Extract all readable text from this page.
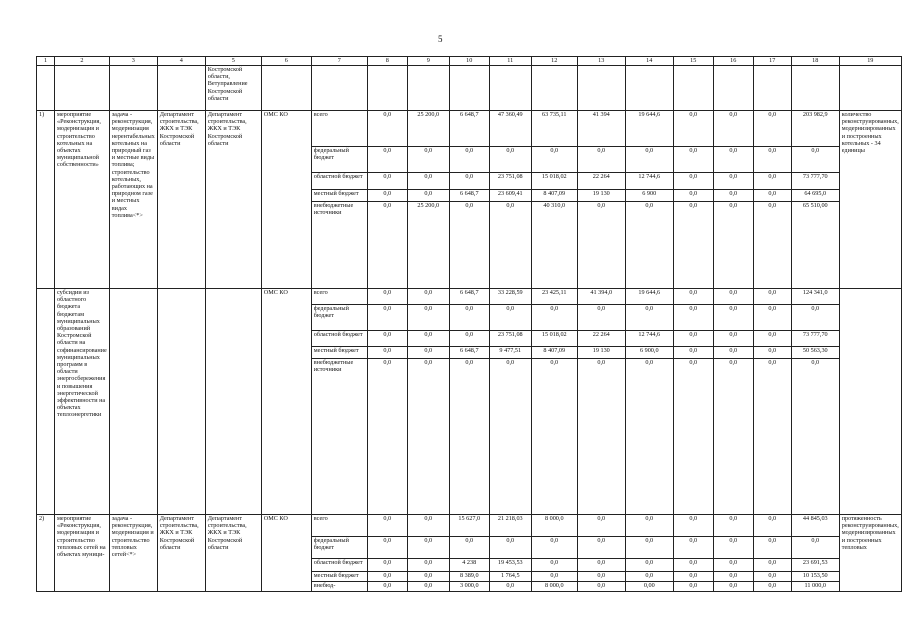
5
1	2	3	4	5	6	7	8	9	10	11	12	13	14	15	16	17	18	19
				Костромской области, Ветуправление Костромской области														
1)	мероприятие «Реконструкция, модернизация и строительство котельных на объектах муниципальной собственности»	задача - реконструкция, модернизация нерентабельных котельных на природный газ и местные виды топлива; строительство котельных, работающих на природном газе и местных видах топлива<*>	Департамент строительства, ЖКХ и ТЭК Костромской области	Департамент строительства, ЖКХ и ТЭК Костромской области	ОМС КО	всего	0,0	25 200,0	6 648,7	47 360,49	63 735,11	41 394	19 644,6	0,0	0,0	0,0	203 982,9	количество реконструированных, модернизированных и построенных котельных - 34 единицы
						федеральный бюджет	0,0	0,0	0,0	0,0	0,0	0,0	0,0	0,0	0,0	0,0	0,0	
						областной бюджет	0,0	0,0	0,0	23 751,08	15 018,02	22 264	12 744,6	0,0	0,0	0,0	73 777,70	
						местный бюджет	0,0	0,0	6 648,7	23 609,41	8 407,09	19 130	6 900	0,0	0,0	0,0	64 695,0	
						внебюджетные источники	0,0	25 200,0	0,0	0,0	40 310,0	0,0	0,0	0,0	0,0	0,0	65 510,00	
	субсидии из областного бюджета бюджетам муниципальных образований Костромской области на софинансирование муниципальных программ в области энергосбережения и повышения энергетической эффективности на объектах теплоэнергетики				ОМС КО	всего	0,0	0,0	6 648,7	33 228,59	23 425,11	41 394,0	19 644,6	0,0	0,0	0,0	124 341,0	
						федеральный бюджет	0,0	0,0	0,0	0,0	0,0	0,0	0,0	0,0	0,0	0,0	0,0	
						областной бюджет	0,0	0,0	0,0	23 751,08	15 018,02	22 264	12 744,6	0,0	0,0	0,0	73 777,70	
						местный бюджет	0,0	0,0	6 648,7	9 477,51	8 407,09	19 130	6 900,0	0,0	0,0	0,0	50 563,30	
						внебюджетные источники	0,0	0,0	0,0	0,0	0,0	0,0	0,0	0,0	0,0	0,0	0,0	
2)	мероприятие «Реконструкция, модернизация и строительство тепловых сетей на объектах муници-	задача - реконструкция, модернизация и строительство тепловых сетей<*>	Департамент строительства, ЖКХ и ТЭК Костромской области	Департамент строительства, ЖКХ и ТЭК Костромской области	ОМС КО	всего	0,0	0,0	15 627,0	21 218,03	8 000,0	0,0	0,0	0,0	0,0	0,0	44 845,03	протяженность реконструированных, модернизированных и построенных тепловых
						федеральный бюджет	0,0	0,0	0,0	0,0	0,0	0,0	0,0	0,0	0,0	0,0	0,0	
						областной бюджет	0,0	0,0	4 238	19 453,53	0,0	0,0	0,0	0,0	0,0	0,0	23 691,53	
						местный бюджет	0,0	0,0	8 389,0	1 764,5	0,0	0,0	0,0	0,0	0,0	0,0	10 153,50	
						внебюд-	0,0	0,0	3 000,0	0,0	8 000,0	0,0	0,00	0,0	0,0	0,0	11 000,0	
